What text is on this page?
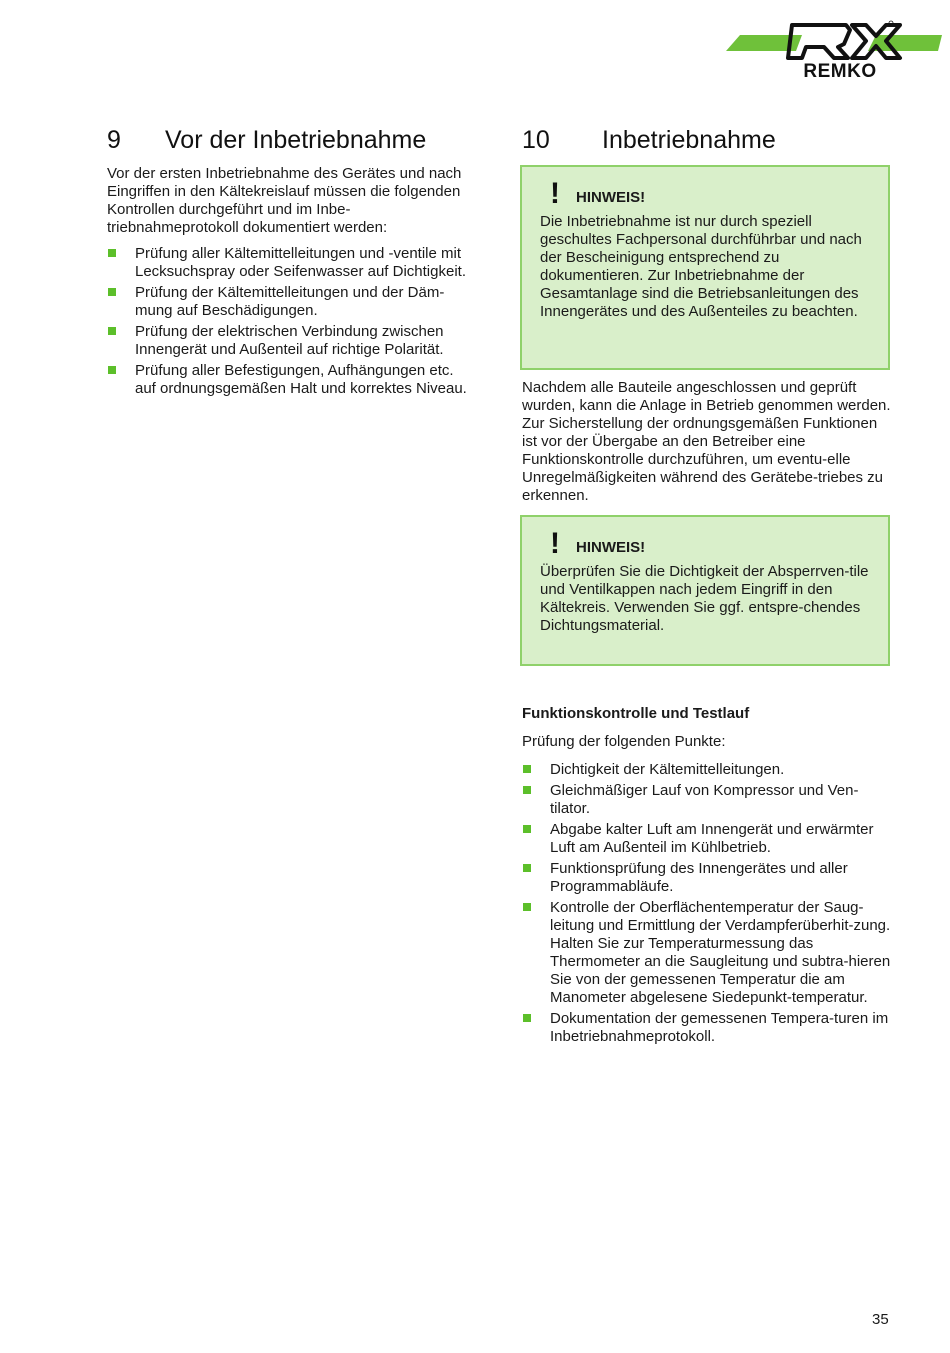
REMKO
9 Vor der Inbetriebnahme	10 Inbetriebnahme

Vor der ersten Inbetriebnahme des Gerätes und nach Eingriffen in den Kältekreislauf müssen die folgenden Kontrollen durchgeführt und im Inbe-triebnahmeprotokoll dokumentiert werden:

Prüfung aller Kältemittelleitungen und -ventile mit Lecksuchspray oder Seifenwasser auf Dichtigkeit.
Prüfung der Kältemittelleitungen und der Däm-mung auf Beschädigungen.
Prüfung der elektrischen Verbindung zwischen Innengerät und Außenteil auf richtige Polarität.
Prüfung aller Befestigungen, Aufhängungen etc. auf ordnungsgemäßen Halt und korrektes Niveau.
! HINWEIS!

Die Inbetriebnahme ist nur durch speziell geschultes Fachpersonal durchführbar und nach der Bescheinigung entsprechend zu dokumentieren. Zur Inbetriebnahme der Gesamtanlage sind die Betriebsanleitungen des Innengerätes und des Außenteiles zu beachten.

Nachdem alle Bauteile angeschlossen und geprüft wurden, kann die Anlage in Betrieb genommen werden. Zur Sicherstellung der ordnungsgemäßen Funktionen ist vor der Übergabe an den Betreiber eine Funktionskontrolle durchzuführen, um eventu-elle Unregelmäßigkeiten während des Gerätebe-triebes zu erkennen.

! HINWEIS!

Überprüfen Sie die Dichtigkeit der Absperrven-tile und Ventilkappen nach jedem Eingriff in den Kältekreis. Verwenden Sie ggf. entspre-chendes Dichtungsmaterial.

Funktionskontrolle und Testlauf

Prüfung der folgenden Punkte:

Dichtigkeit der Kältemittelleitungen.
Gleichmäßiger Lauf von Kompressor und Ven-tilator.
Abgabe kalter Luft am Innengerät und erwärmter Luft am Außenteil im Kühlbetrieb.
Funktionsprüfung des Innengerätes und aller Programmabläufe.
Kontrolle der Oberflächentemperatur der Saug-leitung und Ermittlung der Verdampferüberhit-zung. Halten Sie zur Temperaturmessung das Thermometer an die Saugleitung und subtra-hieren Sie von der gemessenen Temperatur die am Manometer abgelesene Siedepunkt-temperatur.
Dokumentation der gemessenen Tempera-turen im Inbetriebnahmeprotokoll.
35
